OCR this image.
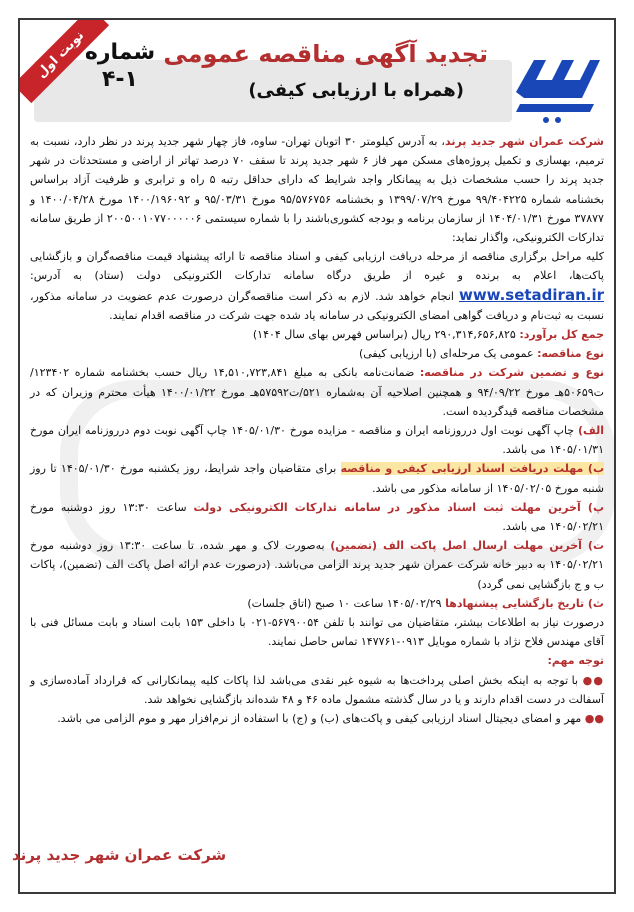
نوبت اول
شماره
۴-۱
تجدید آگهی مناقصه عمومی
(همراه با ارزیابی کیفی)

شرکت عمران شهر جدید پرند، به آدرس کیلومتر ۳۰ اتوبان تهران- ساوه، فاز چهار شهر جدید پرند در نظر دارد، نسبت به ترمیم، بهسازی و تکمیل پروژه‌های مسکن مهر فاز ۶ شهر جدید پرند تا سقف ۷۰ درصد تهاتر از اراضی و مستحدثات در شهر جدید پرند را حسب مشخصات ذیل به پیمانکار واجد شرایط که دارای حداقل رتبه ۵ راه و ترابری و ظرفیت آزاد براساس بخشنامه شماره ۹۹/۴۰۴۲۲۵ مورخ ۱۳۹۹/۰۷/۲۹ و بخشنامه ۹۵/۵۷۶۷۵۶ مورخ ۹۵/۰۳/۳۱ و ۱۴۰۰/۱۹۶۰۹۲ مورخ ۱۴۰۰/۰۴/۲۸ و ۳۷۸۷۷ مورخ ۱۴۰۴/۰۱/۳۱ از سازمان برنامه و بودجه کشوری‌باشند را با شماره سیستمی ۲۰۰۵۰۰۱۰۷۷۰۰۰۰۰۶ از طریق سامانه تدارکات الکترونیکی، واگذار نماید:

کلیه مراحل برگزاری مناقصه از مرحله دریافت ارزیابی کیفی و اسناد مناقصه تا ارائه پیشنهاد قیمت مناقصه‌گران و بازگشایی پاکت‌ها، اعلام به برنده و غیره از طریق درگاه سامانه تدارکات الکترونیکی دولت (ستاد) به آدرس: www.setadiran.ir انجام خواهد شد. لازم به ذکر است مناقصه‌گران درصورت عدم عضویت در سامانه مذکور، نسبت به ثبت‌نام و دریافت گواهی امضای الکترونیکی در سامانه یاد شده جهت شرکت در مناقصه اقدام نمایند.

جمع کل برآورد: ۲۹۰,۳۱۴,۶۵۶,۸۲۵ ریال (براساس فهرس بهای سال ۱۴۰۴)

نوع مناقصه: عمومی یک مرحله‌ای (با ارزیابی کیفی)

نوع و تضمین شرکت در مناقصه: ضمانت‌نامه بانکی به مبلغ ۱۴,۵۱۰,۷۲۳,۸۴۱ ریال حسب بخشنامه شماره ۱۲۳۴۰۲/ت۵۰۶۵۹هـ مورخ ۹۴/۰۹/۲۲ و همچنین اصلاحیه آن به‌شماره ۵۲۱/ت۵۷۵۹۲هـ مورخ ۱۴۰۰/۰۱/۲۲ هیأت محترم وزیران که در مشخصات مناقصه قیدگردیده است.

الف) چاپ آگهی نوبت اول درروزنامه ایران و مناقصه - مزایده مورخ ۱۴۰۵/۰۱/۳۰ چاپ آگهی نوبت دوم درروزنامه ایران مورخ ۱۴۰۵/۰۱/۳۱ می باشد.

ب) مهلت دریافت اسناد ارزیابی کیفی و مناقصه برای متقاضیان واجد شرایط، روز یکشنبه مورخ ۱۴۰۵/۰۱/۳۰ تا روز شنبه مورخ ۱۴۰۵/۰۲/۰۵ از سامانه مذکور می باشد.

پ) آخرین مهلت ثبت اسناد مذکور در سامانه تدارکات الکترونیکی دولت ساعت ۱۳:۳۰ روز دوشنبه مورخ ۱۴۰۵/۰۲/۲۱ می باشد.

ت) آخرین مهلت ارسال اصل پاکت الف (تضمین) به‌صورت لاک و مهر شده، تا ساعت ۱۳:۳۰ روز دوشنبه مورخ ۱۴۰۵/۰۲/۲۱ به دبیر خانه شرکت عمران شهر جدید پرند الزامی می‌باشد. (درصورت عدم ارائه اصل پاکت الف (تضمین)، پاکات ب و ج بازگشایی نمی گردد)

ث) تاریخ بازگشایی پیشنهادها ۱۴۰۵/۰۲/۲۹ ساعت ۱۰ صبح (اتاق جلسات)

درصورت نیاز به اطلاعات بیشتر، متقاضیان می توانند با تلفن ۵۶۷۹۰۰۵۴-۰۲۱ با داخلی ۱۵۳ بابت اسناد و بابت مسائل فنی با آقای مهندس فلاح نژاد با شماره موبایل ۰۹۱۳-۱۴۷۷۶۱ تماس حاصل نمایند.

توجه مهم:

●● با توجه به اینکه بخش اصلی پرداخت‌ها به شیوه غیر نقدی می‌باشد لذا پاکات کلیه پیمانکارانی که قرارداد آماده‌سازی و آسفالت در دست اقدام دارند و یا در سال گذشته مشمول ماده ۴۶ و ۴۸ شده‌اند بازگشایی نخواهد شد.

●● مهر و امضای دیجیتال اسناد ارزیابی کیفی و پاکت‌های (ب) و (ج) با استفاده از نرم‌افزار مهر و موم الزامی می باشد.

شرکت عمران شهر جدید پرند
